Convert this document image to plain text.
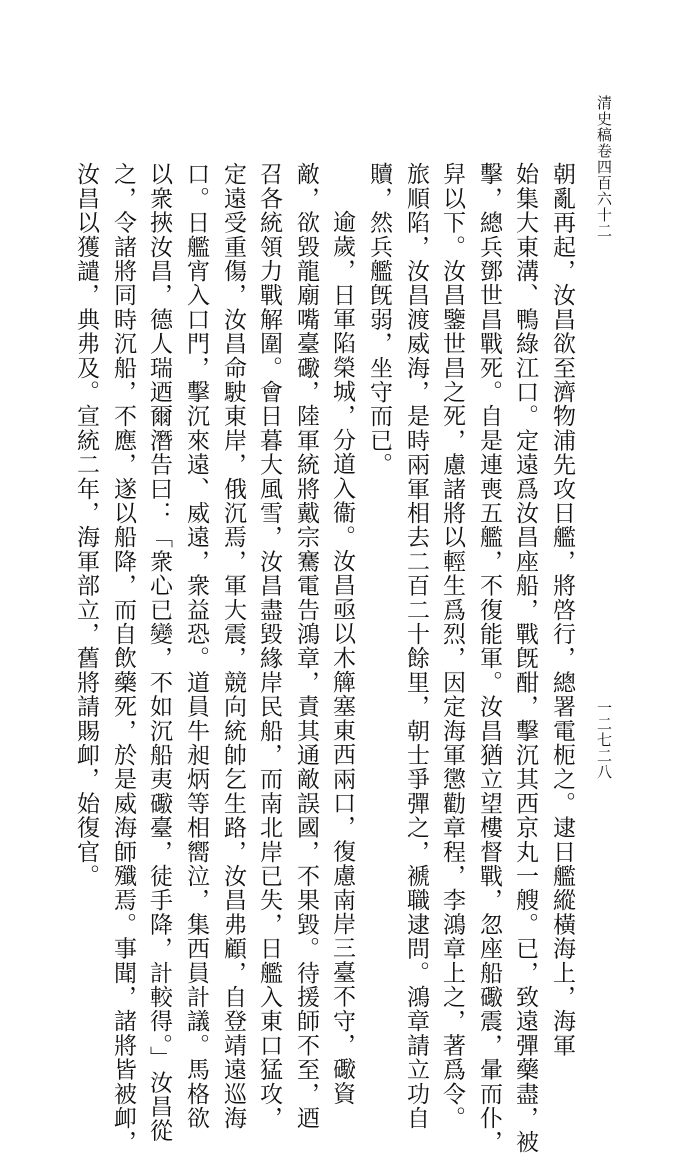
清史稿卷四百六十二
一二七二八
朝亂再起，汝昌欲至濟物浦先攻日艦，將啓行，總署電枙之。逮日艦縱橫海上，海軍
始集大東溝、鴨綠江口。定遠爲汝昌座船，戰旣酣，擊沉其西京丸一艘。已，致遠彈藥盡，被
擊，總兵鄧世昌戰死。自是連喪五艦，不復能軍。汝昌猶立望樓督戰，忽座船礮震，暈而仆，
舁以下。汝昌鑒世昌之死，慮諸將以輕生爲烈，因定海軍懲勸章程，李鴻章上之，著爲令。
旅順陷，汝昌渡威海，是時兩軍相去二百二十餘里，朝士爭彈之，褫職逮問。鴻章請立功自
贖，然兵艦旣弱，坐守而已。
逾歲，日軍陷榮城，分道入衞。汝昌亟以木簰塞東西兩口，復慮南岸三臺不守，礮資
敵，欲毀龍廟嘴臺礮，陸軍統將戴宗騫電告鴻章，責其通敵誤國，不果毀。待援師不至，迺
召各統領力戰解圍。會日暮大風雪，汝昌盡毀緣岸民船，而南北岸已失，日艦入東口猛攻，
定遠受重傷，汝昌命駛東岸，俄沉焉，軍大震，競向統帥乞生路，汝昌弗顧，自登靖遠巡海
口。日艦宵入口門，擊沉來遠、威遠，衆益恐。道員牛昶炳等相嚮泣，集西員計議。馬格欲
以衆挾汝昌，德人瑞迺爾潛告曰：「衆心已變，不如沉船夷礮臺，徒手降，計較得。」汝昌從
之，令諸將同時沉船，不應，遂以船降，而自飲藥死，於是威海師殲焉。事聞，諸將皆被卹，
汝昌以獲譴，典弗及。宣統二年，海軍部立，舊將請賜卹，始復官。
